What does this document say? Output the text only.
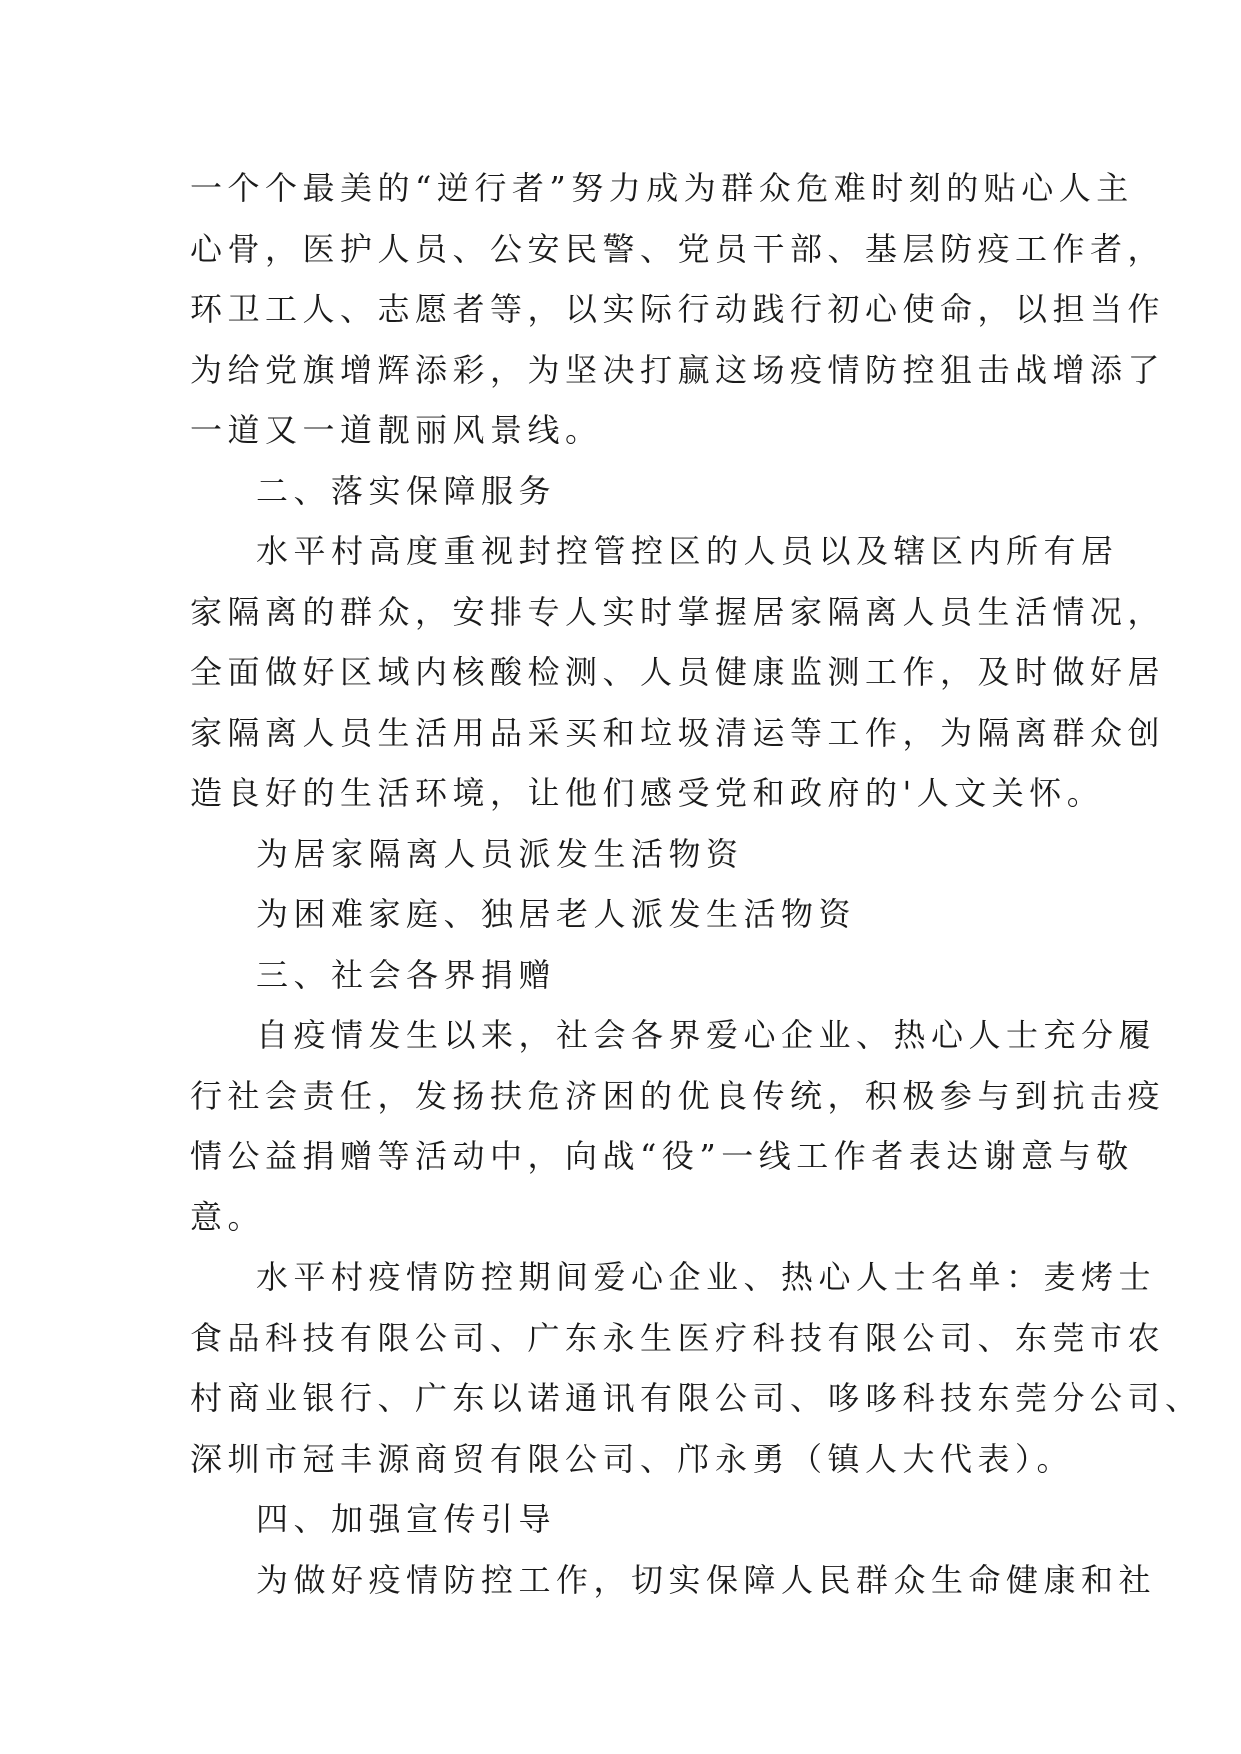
一个个最美的“逆行者”努力成为群众危难时刻的贴心人主
心骨，医护人员、公安民警、党员干部、基层防疫工作者，
环卫工人、志愿者等，以实际行动践行初心使命，以担当作
为给党旗增辉添彩，为坚决打赢这场疫情防控狙击战增添了
一道又一道靓丽风景线。
二、落实保障服务
水平村高度重视封控管控区的人员以及辖区内所有居
家隔离的群众，安排专人实时掌握居家隔离人员生活情况，
全面做好区域内核酸检测、人员健康监测工作，及时做好居
家隔离人员生活用品采买和垃圾清运等工作，为隔离群众创
造良好的生活环境，让他们感受党和政府的'人文关怀。
为居家隔离人员派发生活物资
为困难家庭、独居老人派发生活物资
三、社会各界捐赠
自疫情发生以来，社会各界爱心企业、热心人士充分履
行社会责任，发扬扶危济困的优良传统，积极参与到抗击疫
情公益捐赠等活动中，向战“役”一线工作者表达谢意与敬
意。
水平村疫情防控期间爱心企业、热心人士名单：麦烤士
食品科技有限公司、广东永生医疗科技有限公司、东莞市农
村商业银行、广东以诺通讯有限公司、哆哆科技东莞分公司、
深圳市冠丰源商贸有限公司、邝永勇（镇人大代表）。
四、加强宣传引导
为做好疫情防控工作，切实保障人民群众生命健康和社
